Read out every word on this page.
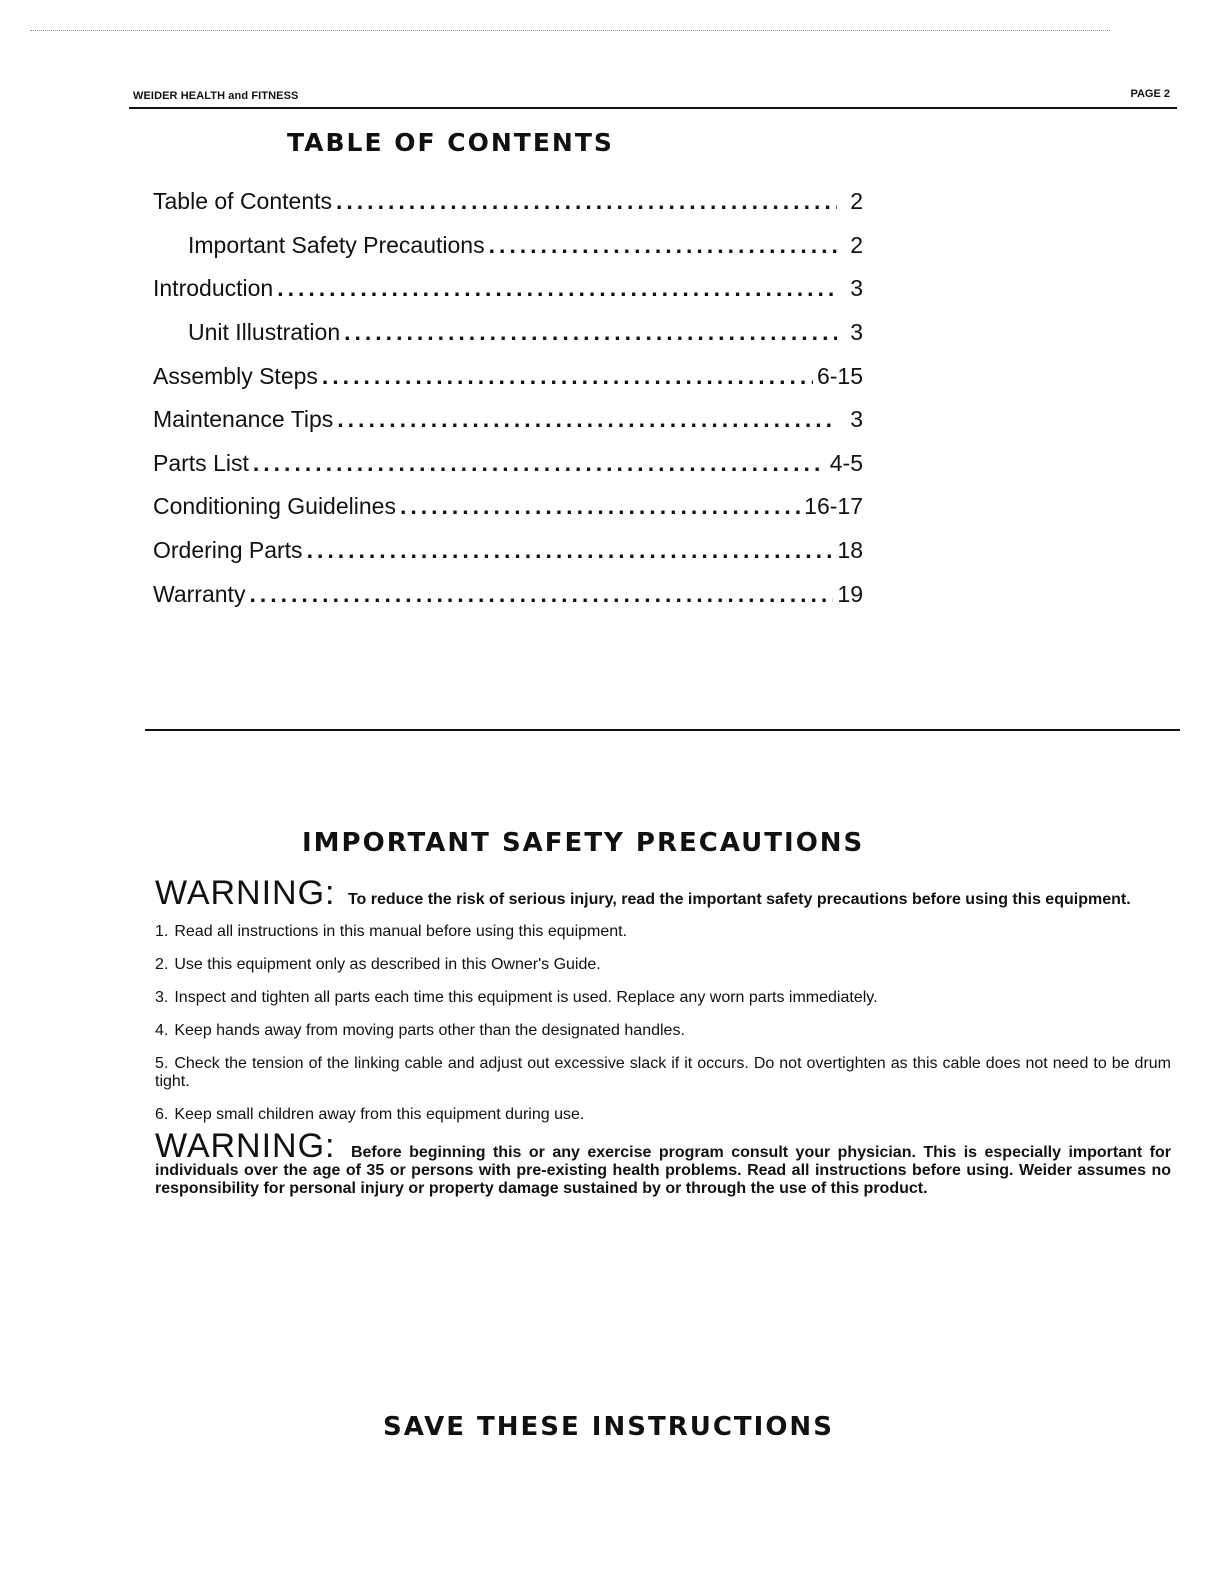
WEIDER HEALTH and FITNESS	PAGE 2
TABLE OF CONTENTS
Table of Contents .....	2
Important Safety Precautions .....	2
Introduction .....	3
Unit Illustration .....	3
Assembly Steps .....	6-15
Maintenance Tips .....	3
Parts List .....	4-5
Conditioning Guidelines .....	16-17
Ordering Parts .....	18
Warranty .....	19
IMPORTANT SAFETY PRECAUTIONS
WARNING: To reduce the risk of serious injury, read the important safety precautions before using this equipment.
1. Read all instructions in this manual before using this equipment.
2. Use this equipment only as described in this Owner's Guide.
3. Inspect and tighten all parts each time this equipment is used. Replace any worn parts immediately.
4. Keep hands away from moving parts other than the designated handles.
5. Check the tension of the linking cable and adjust out excessive slack if it occurs. Do not overtighten as this cable does not need to be drum tight.
6. Keep small children away from this equipment during use.
WARNING: Before beginning this or any exercise program consult your physician. This is especially important for individuals over the age of 35 or persons with pre-existing health problems. Read all instructions before using. Weider assumes no responsibility for personal injury or property damage sustained by or through the use of this product.
SAVE THESE INSTRUCTIONS
